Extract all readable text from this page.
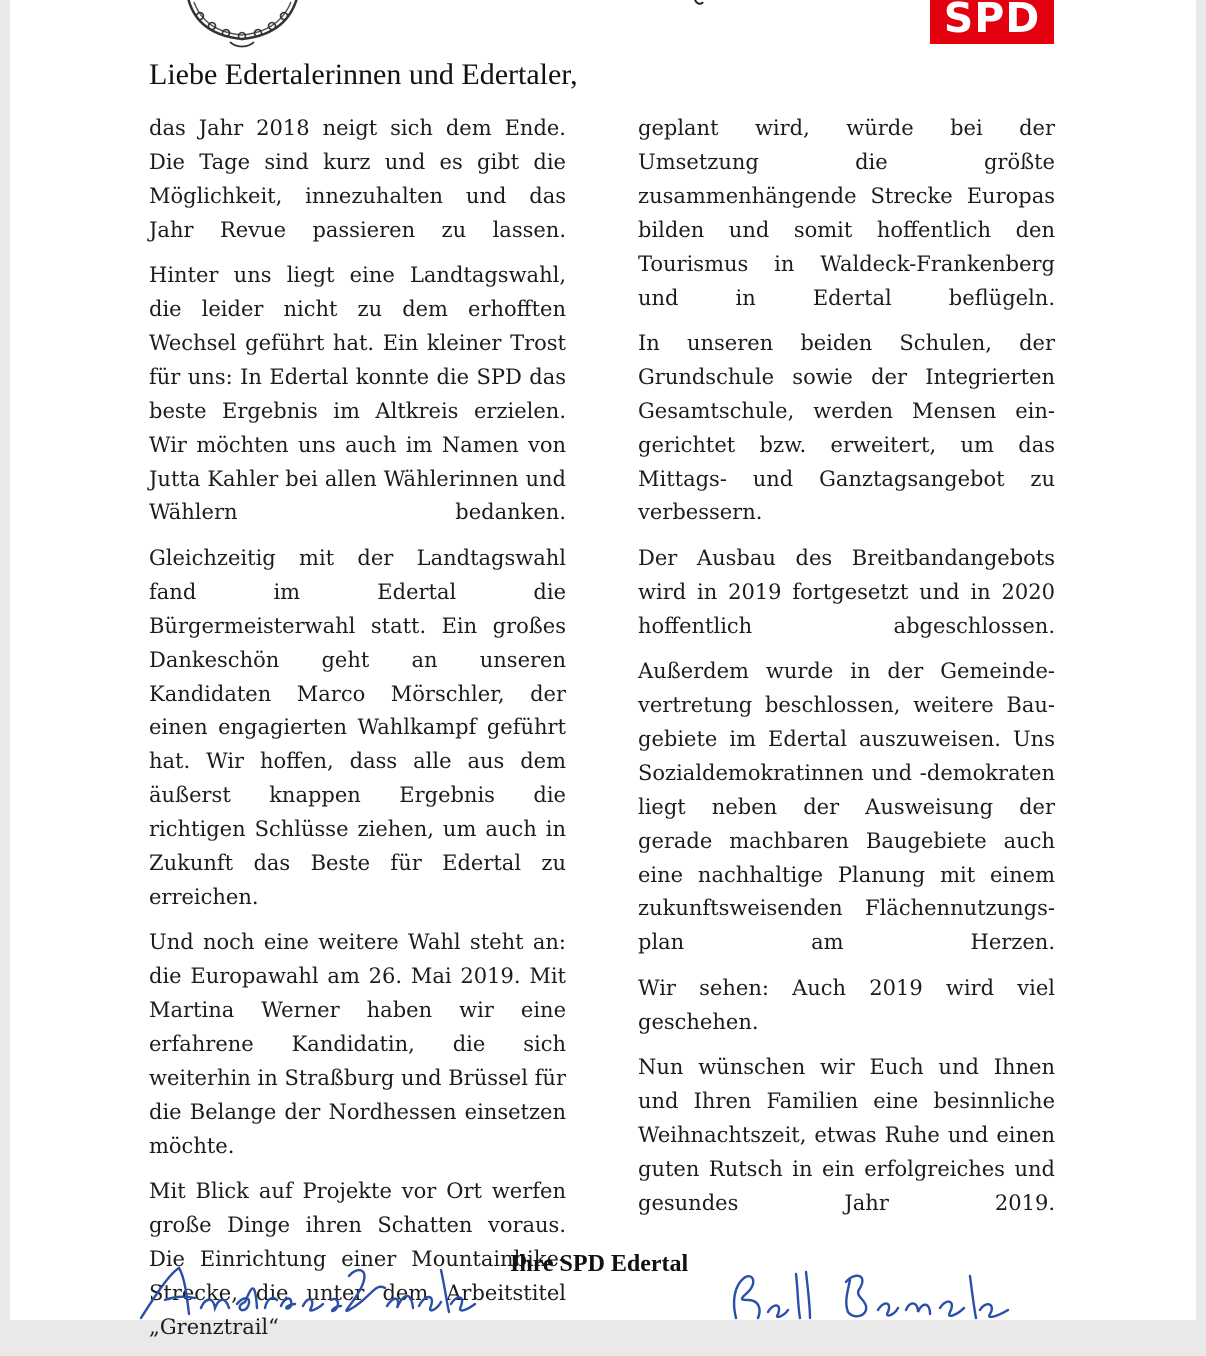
SPD
Liebe Edertalerinnen und Edertaler,

das Jahr 2018 neigt sich dem Ende. Die Tage sind kurz und es gibt die Möglichkeit, innezuhalten und das Jahr Revue passieren zu lassen.

Hinter uns liegt eine Landtagswahl, die leider nicht zu dem erhofften Wechsel geführt hat. Ein kleiner Trost für uns: In Edertal konnte die SPD das beste Ergebnis im Altkreis erzielen. Wir möchten uns auch im Namen von Jutta Kahler bei allen Wählerinnen und Wählern bedanken.

Gleichzeitig mit der Landtagswahl fand im Edertal die Bürgermeisterwahl statt. Ein großes Dankeschön geht an unseren Kandidaten Marco Mörschler, der einen engagierten Wahlkampf geführt hat. Wir hoffen, dass alle aus dem äußerst knappen Ergebnis die richtigen Schlüsse ziehen, um auch in Zukunft das Beste für Edertal zu erreichen.

Und noch eine weitere Wahl steht an: die Europawahl am 26. Mai 2019. Mit Martina Werner haben wir eine erfahrene Kandidatin, die sich weiterhin in Straßburg und Brüssel für die Belange der Nordhessen einsetzen möchte.

Mit Blick auf Projekte vor Ort werfen große Dinge ihren Schatten voraus. Die Einrichtung einer Mountainbike-Strecke, die unter dem Arbeitstitel „Grenztrail“

geplant wird, würde bei der Umsetzung die größte zusammenhängende Strecke Europas bilden und somit hoffentlich den Tourismus in Waldeck-Frankenberg und in Edertal beflügeln.

In unseren beiden Schulen, der Grundschule sowie der Integrierten Gesamtschule, werden Mensen ein-gerichtet bzw. erweitert, um das Mittags- und Ganztagsangebot zu verbessern.

Der Ausbau des Breitbandangebots wird in 2019 fortgesetzt und in 2020 hoffentlich abgeschlossen.

Außerdem wurde in der Gemeinde-vertretung beschlossen, weitere Bau-gebiete im Edertal auszuweisen. Uns Sozialdemokratinnen und -demokraten liegt neben der Ausweisung der gerade machbaren Baugebiete auch eine nachhaltige Planung mit einem zukunftsweisenden Flächennutzungs-plan am Herzen.

Wir sehen: Auch 2019 wird viel geschehen.

Nun wünschen wir Euch und Ihnen und Ihren Familien eine besinnliche Weihnachtszeit, etwas Ruhe und einen guten Rutsch in ein erfolgreiches und gesundes Jahr 2019.

Ihre SPD Edertal
